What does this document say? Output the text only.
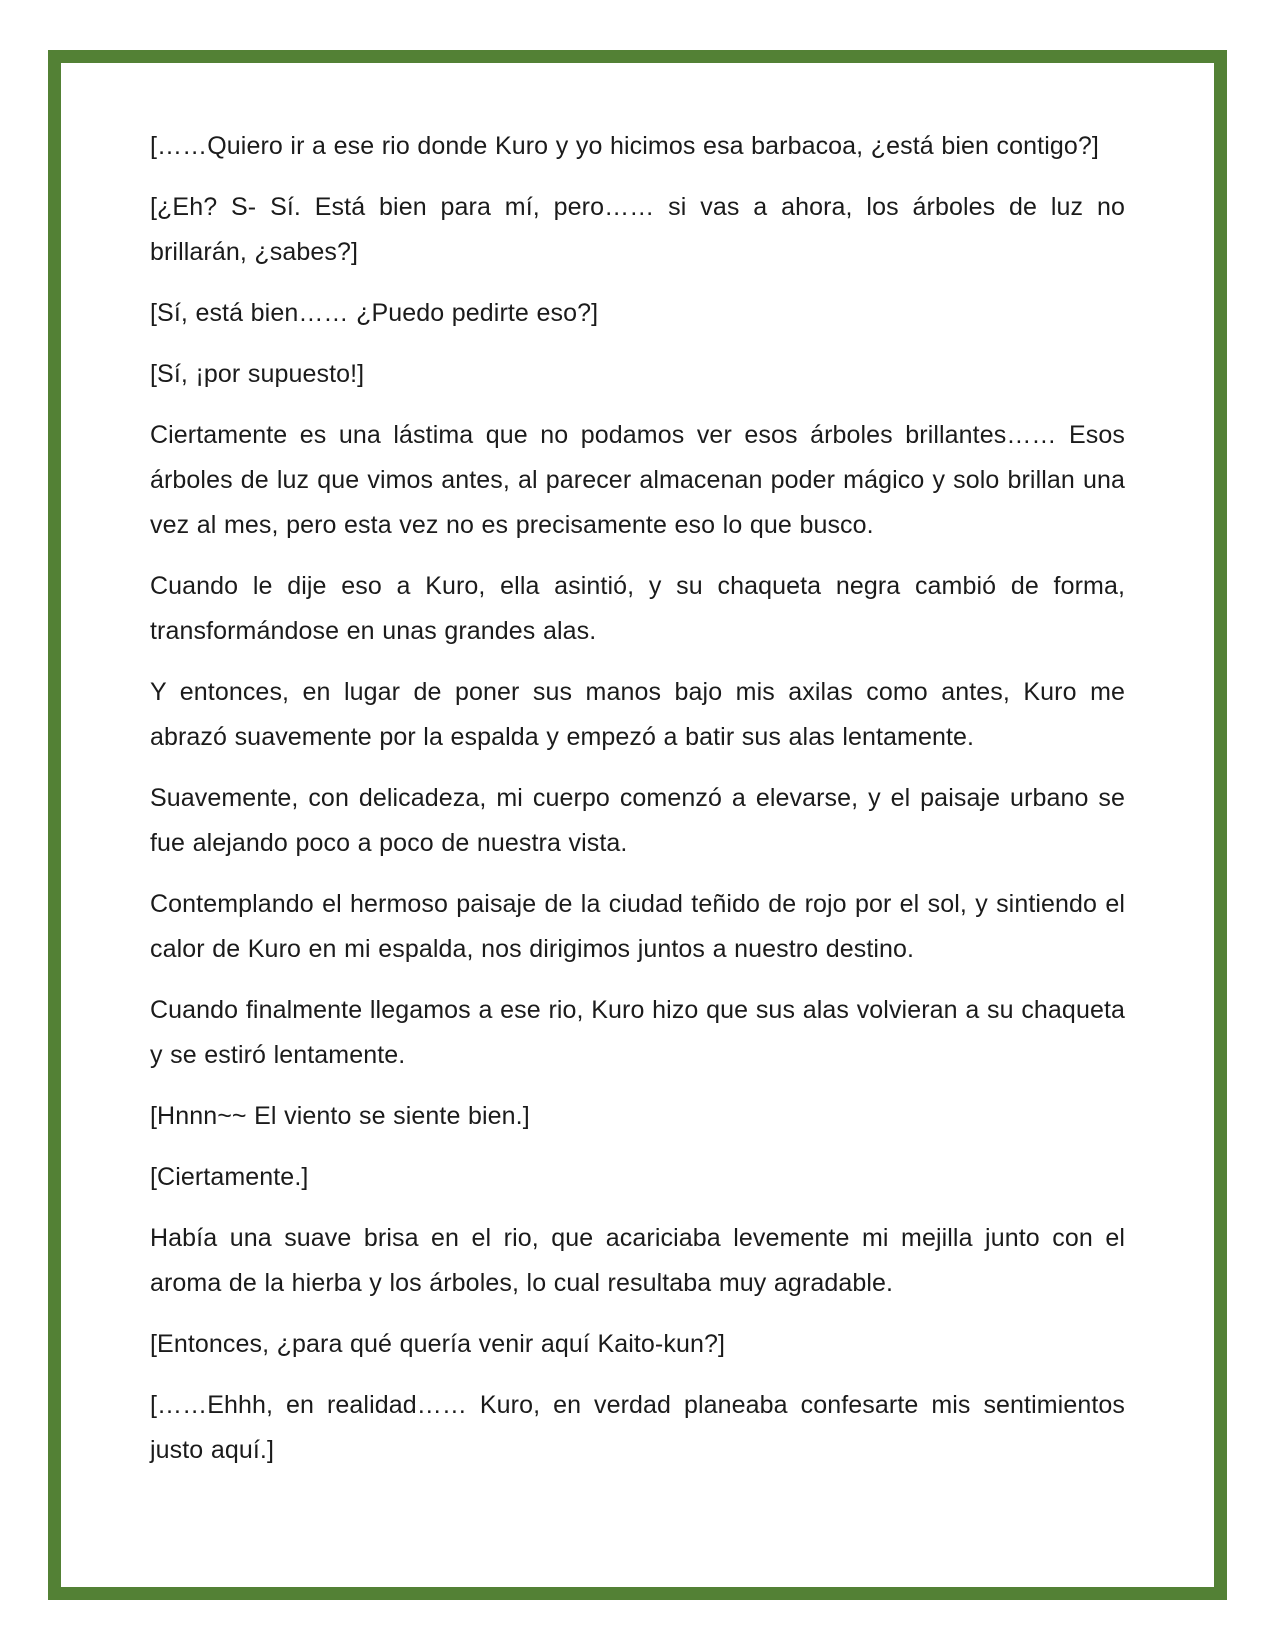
[……Quiero ir a ese rio donde Kuro y yo hicimos esa barbacoa, ¿está bien contigo?]

[¿Eh? S- Sí. Está bien para mí, pero…… si vas a ahora, los árboles de luz no brillarán, ¿sabes?]

[Sí, está bien…… ¿Puedo pedirte eso?]

[Sí, ¡por supuesto!]

Ciertamente es una lástima que no podamos ver esos árboles brillantes…… Esos árboles de luz que vimos antes, al parecer almacenan poder mágico y solo brillan una vez al mes, pero esta vez no es precisamente eso lo que busco.

Cuando le dije eso a Kuro, ella asintió, y su chaqueta negra cambió de forma, transformándose en unas grandes alas.

Y entonces, en lugar de poner sus manos bajo mis axilas como antes, Kuro me abrazó suavemente por la espalda y empezó a batir sus alas lentamente.

Suavemente, con delicadeza, mi cuerpo comenzó a elevarse, y el paisaje urbano se fue alejando poco a poco de nuestra vista.

Contemplando el hermoso paisaje de la ciudad teñido de rojo por el sol, y sintiendo el calor de Kuro en mi espalda, nos dirigimos juntos a nuestro destino.

Cuando finalmente llegamos a ese rio, Kuro hizo que sus alas volvieran a su chaqueta y se estiró lentamente.

[Hnnn~~ El viento se siente bien.]

[Ciertamente.]

Había una suave brisa en el rio, que acariciaba levemente mi mejilla junto con el aroma de la hierba y los árboles, lo cual resultaba muy agradable.

[Entonces, ¿para qué quería venir aquí Kaito-kun?]

[……Ehhh, en realidad…… Kuro, en verdad planeaba confesarte mis sentimientos justo aquí.]
